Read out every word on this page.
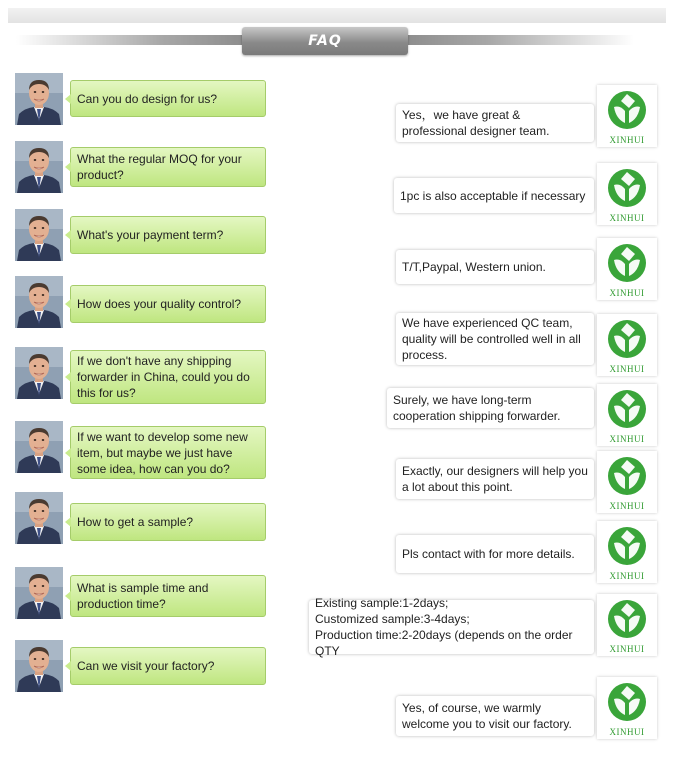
FAQ
Can you do design for us?
What the regular MOQ for your product?
What's your payment term?
How does your quality control?
If we don't have any shipping forwarder in China, could you do this for us?
If we want to develop some new item, but maybe we just have some idea, how can you do?
How to get a sample?
What is sample time and production time?
Can we visit your factory?
Yes，we have great & professional designer team.
1pc is also acceptable if necessary
T/T,Paypal, Western union.
We have experienced QC team, quality will be controlled well in all process.
Surely, we have long-term cooperation shipping forwarder.
Exactly, our designers will help you a lot about this point.
Pls contact with for more details.
Existing sample:1-2days;
Customized sample:3-4days;
Production time:2-20days (depends on the order QTY
Yes, of course, we warmly welcome you to visit our factory.
XINHUI
XINHUI
XINHUI
XINHUI
XINHUI
XINHUI
XINHUI
XINHUI
XINHUI
